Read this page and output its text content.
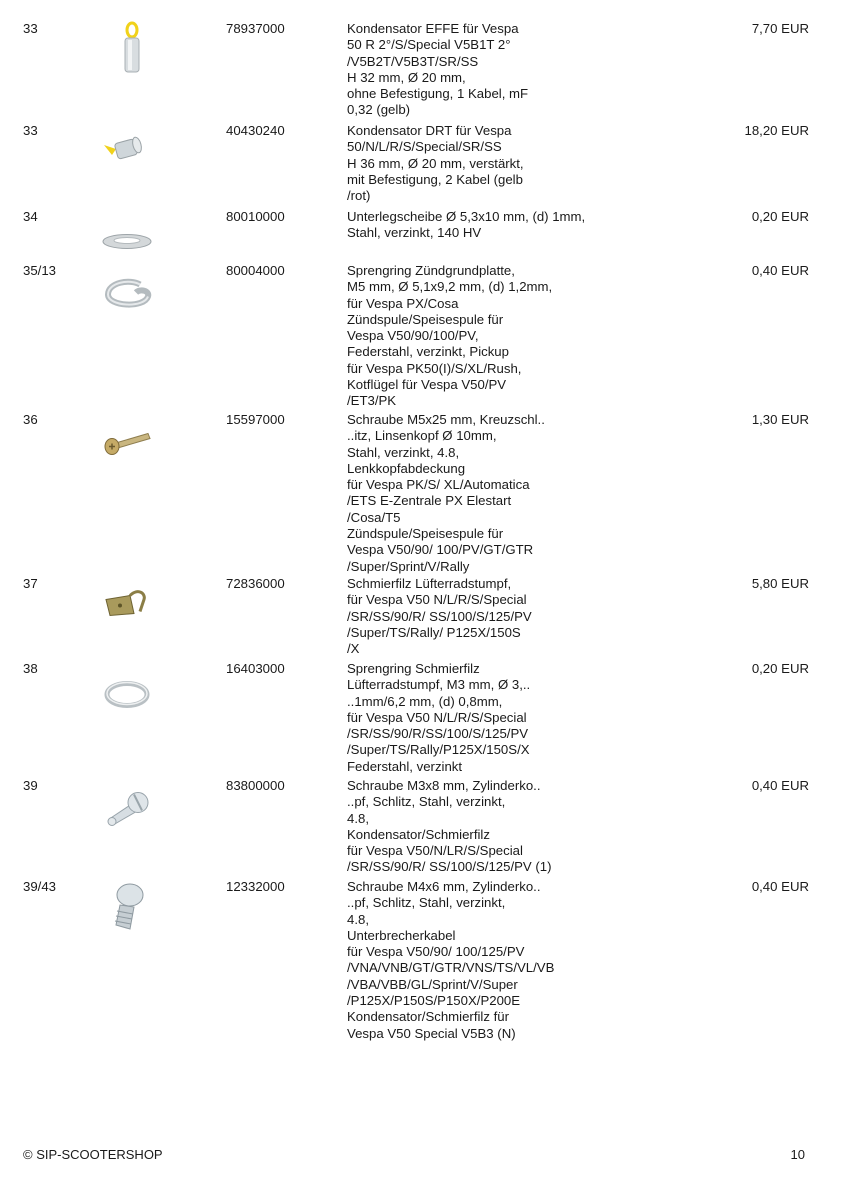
33	78937000	Kondensator EFFE für Vespa
50 R 2°/S/Special V5B1T 2°
/V5B2T/V5B3T/SR/SS
H 32 mm, Ø 20 mm,
ohne Befestigung, 1 Kabel, mF
0,32 (gelb)
7,70 EUR
33	40430240	Kondensator DRT für Vespa
50/N/L/R/S/Special/SR/SS
H 36 mm, Ø 20 mm, verstärkt,
mit Befestigung, 2 Kabel (gelb
/rot)
18,20 EUR
34	80010000	Unterlegscheibe Ø 5,3x10 mm, (d) 1mm,
Stahl, verzinkt, 140 HV
0,20 EUR
35/13	80004000	Sprengring Zündgrundplatte,
M5 mm, Ø 5,1x9,2 mm, (d) 1,2mm,
für Vespa PX/Cosa
Zündspule/Speisespule für
Vespa V50/90/100/PV,
Federstahl, verzinkt, Pickup
für Vespa PK50(I)/S/XL/Rush,
Kotflügel für Vespa V50/PV
/ET3/PK
0,40 EUR
36	15597000	Schraube M5x25 mm, Kreuzschl..
..itz, Linsenkopf Ø 10mm,
Stahl, verzinkt, 4.8,
Lenkkopfabdeckung
für Vespa PK/S/ XL/Automatica
/ETS E-Zentrale PX Elestart
/Cosa/T5
Zündspule/Speisespule für
Vespa V50/90/ 100/PV/GT/GTR
/Super/Sprint/V/Rally
1,30 EUR
37	72836000	Schmierfilz Lüfterradstumpf,
für Vespa V50 N/L/R/S/Special
/SR/SS/90/R/ SS/100/S/125/PV
/Super/TS/Rally/ P125X/150S
/X
5,80 EUR
38	16403000	Sprengring Schmierfilz
Lüfterradstumpf, M3 mm, Ø 3,..
..1mm/6,2 mm, (d) 0,8mm,
für Vespa V50 N/L/R/S/Special
/SR/SS/90/R/SS/100/S/125/PV
/Super/TS/Rally/P125X/150S/X
Federstahl, verzinkt
0,20 EUR
39	83800000	Schraube M3x8 mm, Zylinderko..
..pf, Schlitz, Stahl, verzinkt,
4.8,
Kondensator/Schmierfilz
für Vespa V50/N/LR/S/Special
/SR/SS/90/R/ SS/100/S/125/PV (1)
0,40 EUR
39/43	12332000	Schraube M4x6 mm, Zylinderko..
..pf, Schlitz, Stahl, verzinkt,
4.8,
Unterbrecherkabel
für Vespa V50/90/ 100/125/PV
/VNA/VNB/GT/GTR/VNS/TS/VL/VB
/VBA/VBB/GL/Sprint/V/Super
/P125X/P150S/P150X/P200E
Kondensator/Schmierfilz für
Vespa V50 Special V5B3 (N)
0,40 EUR
© SIP-SCOOTERSHOP	10
